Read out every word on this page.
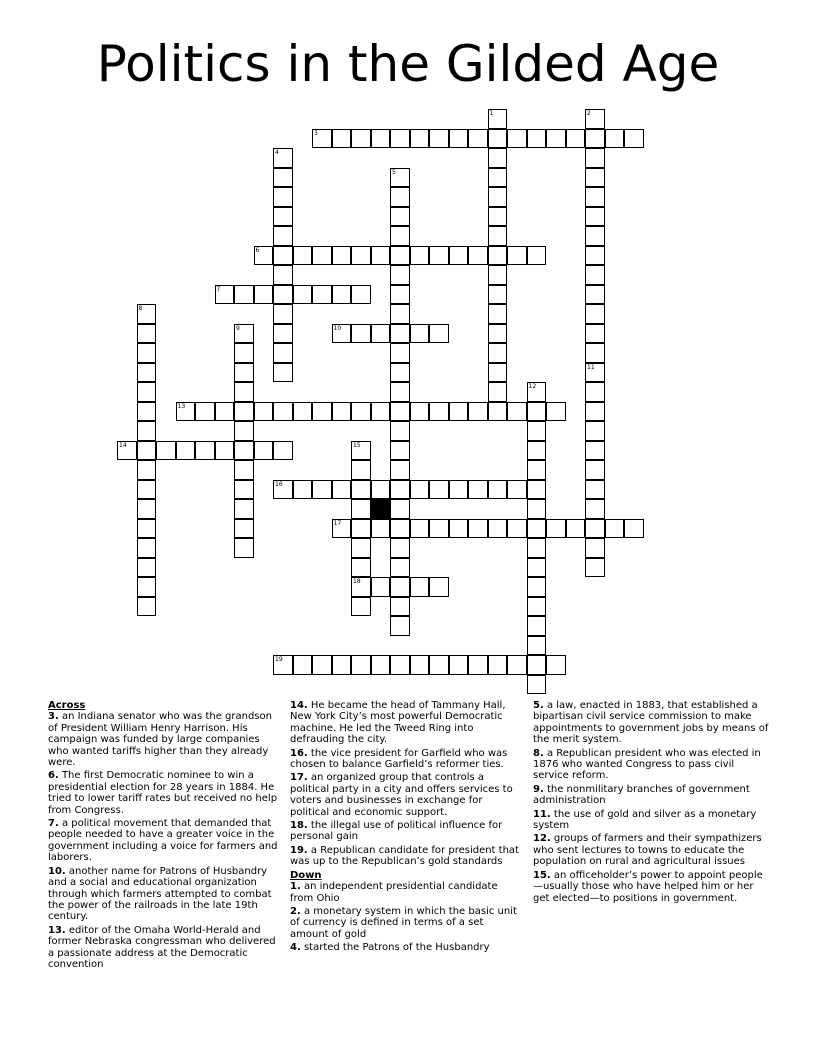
Politics in the Gilded Age
1	2
3
4
5
6
7
8
9	10
11
12
13
14	15
18
16
17
19
Across
3. an Indiana senator who was the grandson of President William Henry Harrison. His campaign was funded by large companies who wanted tariffs higher than they already were.
6. The first Democratic nominee to win a presidential election for 28 years in 1884. He tried to lower tariff rates but received no help from Congress.
7. a political movement that demanded that people needed to have a greater voice in the government including a voice for farmers and laborers.
10. another name for Patrons of Husbandry and a social and educational organization through which farmers attempted to combat the power of the railroads in the late 19th century.
13. editor of the Omaha World-Herald and former Nebraska congressman who delivered a passionate address at the Democratic convention
14. He became the head of Tammany Hall, New York City’s most powerful Democratic machine. He led the Tweed Ring into defrauding the city.
16. the vice president for Garfield who was chosen to balance Garfield’s reformer ties.
17. an organized group that controls a political party in a city and offers services to voters and businesses in exchange for political and economic support.
18. the illegal use of political influence for personal gain
19. a Republican candidate for president that was up to the Republican’s gold standards
Down
1. an independent presidential candidate from Ohio
2. a monetary system in which the basic unit of currency is defined in terms of a set amount of gold
4. started the Patrons of the Husbandry
5. a law, enacted in 1883, that established a bipartisan civil service commission to make appointments to government jobs by means of the merit system.
8. a Republican president who was elected in 1876 who wanted Congress to pass civil service reform.
9. the nonmilitary branches of government administration
11. the use of gold and silver as a monetary system
12. groups of farmers and their sympathizers who sent lectures to towns to educate the population on rural and agricultural issues
15. an officeholder’s power to appoint people—usually those who have helped him or her get elected—to positions in government.
